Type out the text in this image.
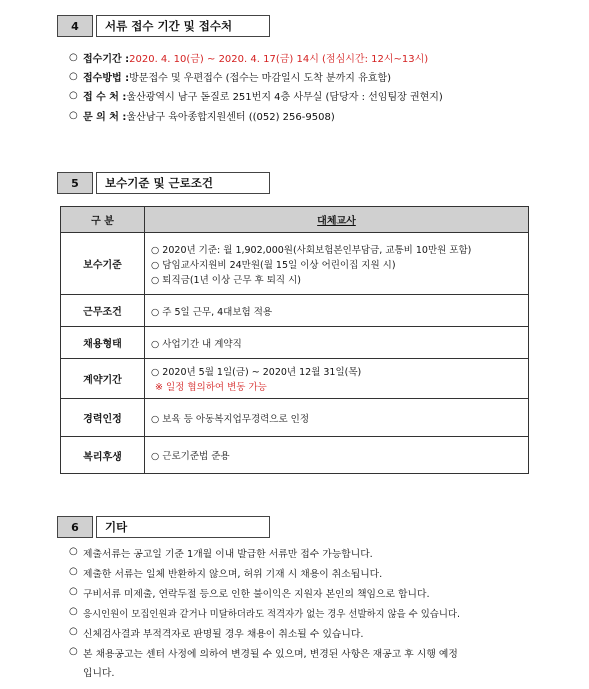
4	서류 접수 기간 및 접수처
○ 접수기간 : 2020. 4. 10(금) ~ 2020. 4. 17(금) 14시 (점심시간: 12시~13시)
○ 접수방법 : 방문접수 및 우편접수 (접수는 마감일시 도착 분까지 유효함)
○ 접 수 처 : 울산광역시 남구 돋질로 251번지 4층 사무실 (담당자 : 선임팀장 권현지)
○ 문 의 처 : 울산남구 육아종합지원센터 ((052) 256-9508)
5	보수기준 및 근로조건
구 분	대체교사
보수기준	○ 2020년 기준: 월 1,902,000원(사회보험본인부담금, 교통비 10만원 포함)
○ 담임교사지원비 24만원(월 15일 이상 어린이집 지원 시)
○ 퇴직금(1년 이상 근무 후 퇴직 시)

근무조건	○ 주 5일 근무, 4대보험 적용

채용형태	○ 사업기간 내 계약직

계약기간	○ 2020년 5월 1일(금) ~ 2020년 12월 31일(목)
※ 일정 협의하여 변동 가능

경력인정	○ 보육 등 아동복지업무경력으로 인정

복리후생	○ 근로기준법 준용
6	기타
○ 제출서류는 공고일 기준 1개월 이내 발급한 서류만 접수 가능합니다.
○ 제출한 서류는 일체 반환하지 않으며, 허위 기재 시 채용이 취소됩니다.
○ 구비서류 미제출, 연락두절 등으로 인한 불이익은 지원자 본인의 책임으로 합니다.
○ 응시인원이 모집인원과 같거나 미달하더라도 적격자가 없는 경우 선발하지 않을 수 있습니다.
○ 신체검사결과 부적격자로 판명될 경우 채용이 취소될 수 있습니다.
○ 본 채용공고는 센터 사정에 의하여 변경될 수 있으며, 변경된 사항은 재공고 후 시행 예정
입니다.
